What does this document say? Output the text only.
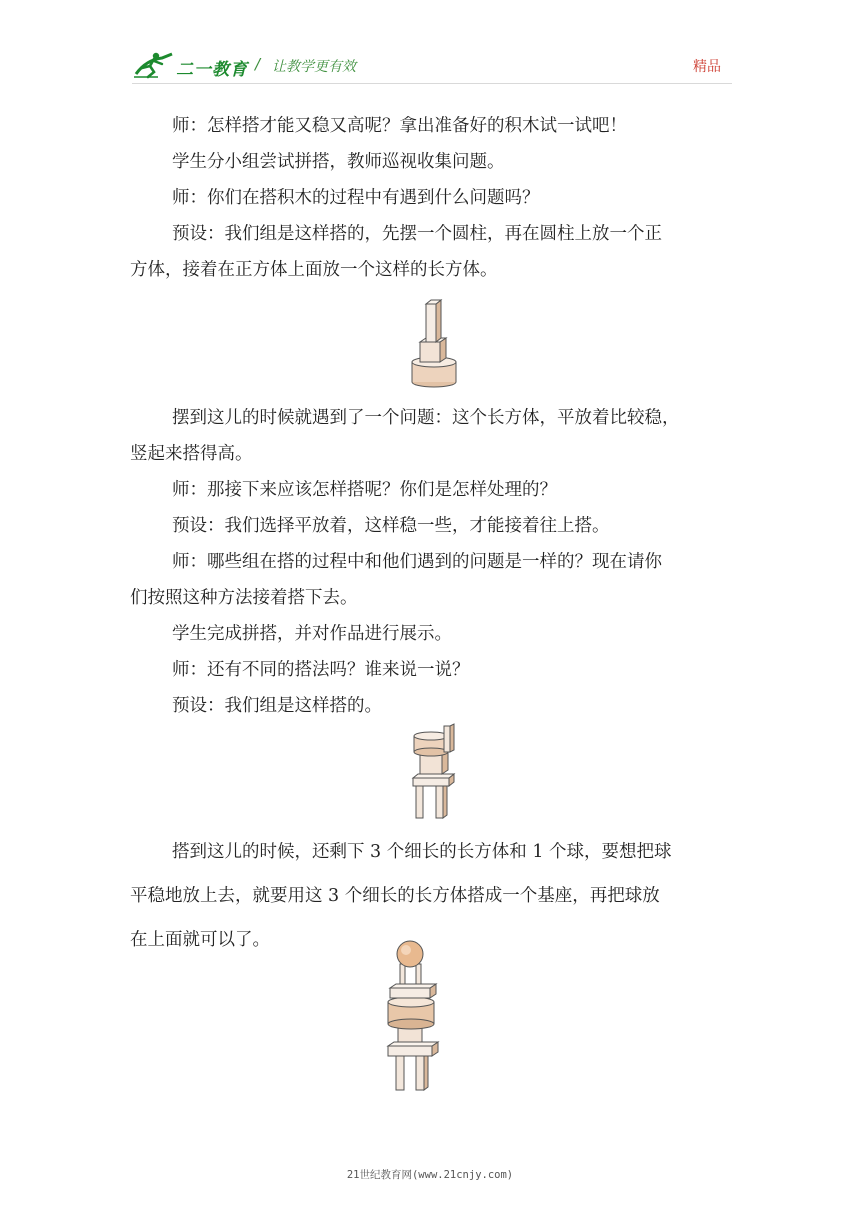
二一教育 / 让教学更有效	精品

师：怎样搭才能又稳又高呢？拿出准备好的积木试一试吧！

学生分小组尝试拼搭，教师巡视收集问题。

师：你们在搭积木的过程中有遇到什么问题吗？

预设：我们组是这样搭的，先摆一个圆柱，再在圆柱上放一个正

方体，接着在正方体上面放一个这样的长方体。

摆到这儿的时候就遇到了一个问题：这个长方体，平放着比较稳，

竖起来搭得高。

师：那接下来应该怎样搭呢？你们是怎样处理的？

预设：我们选择平放着，这样稳一些，才能接着往上搭。

师：哪些组在搭的过程中和他们遇到的问题是一样的？现在请你

们按照这种方法接着搭下去。

学生完成拼搭，并对作品进行展示。

师：还有不同的搭法吗？谁来说一说？

预设：我们组是这样搭的。

搭到这儿的时候，还剩下 3 个细长的长方体和 1 个球，要想把球

平稳地放上去，就要用这 3 个细长的长方体搭成一个基座，再把球放

在上面就可以了。

21世纪教育网(www.21cnjy.com)
